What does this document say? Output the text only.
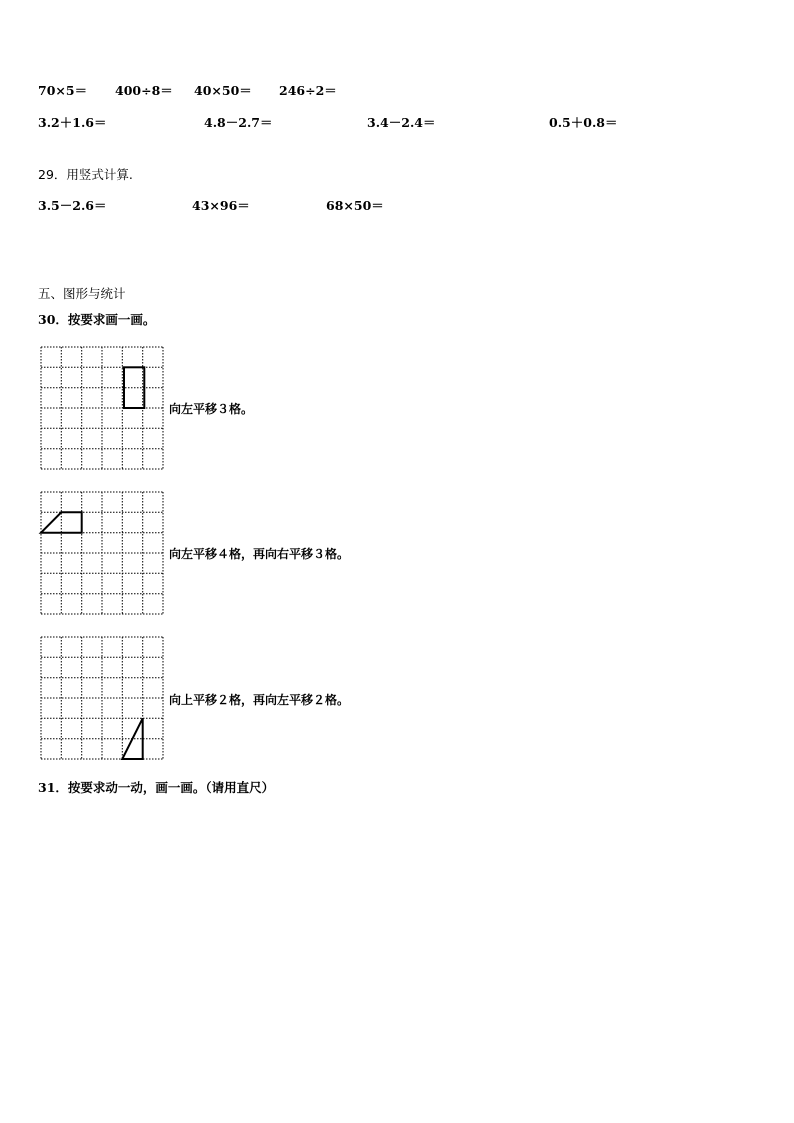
70×5＝ 400÷8＝ 40×50＝ 246÷2＝
3.2＋1.6＝	4.8－2.7＝	3.4－2.4＝	0.5＋0.8＝
29．用竖式计算.
3.5－2.6＝	43×96＝	68×50＝
五、图形与统计
30．按要求画一画。
向左平移３格。
向左平移４格，再向右平移３格。
向上平移２格，再向左平移２格。
31．按要求动一动，画一画。（请用直尺）
